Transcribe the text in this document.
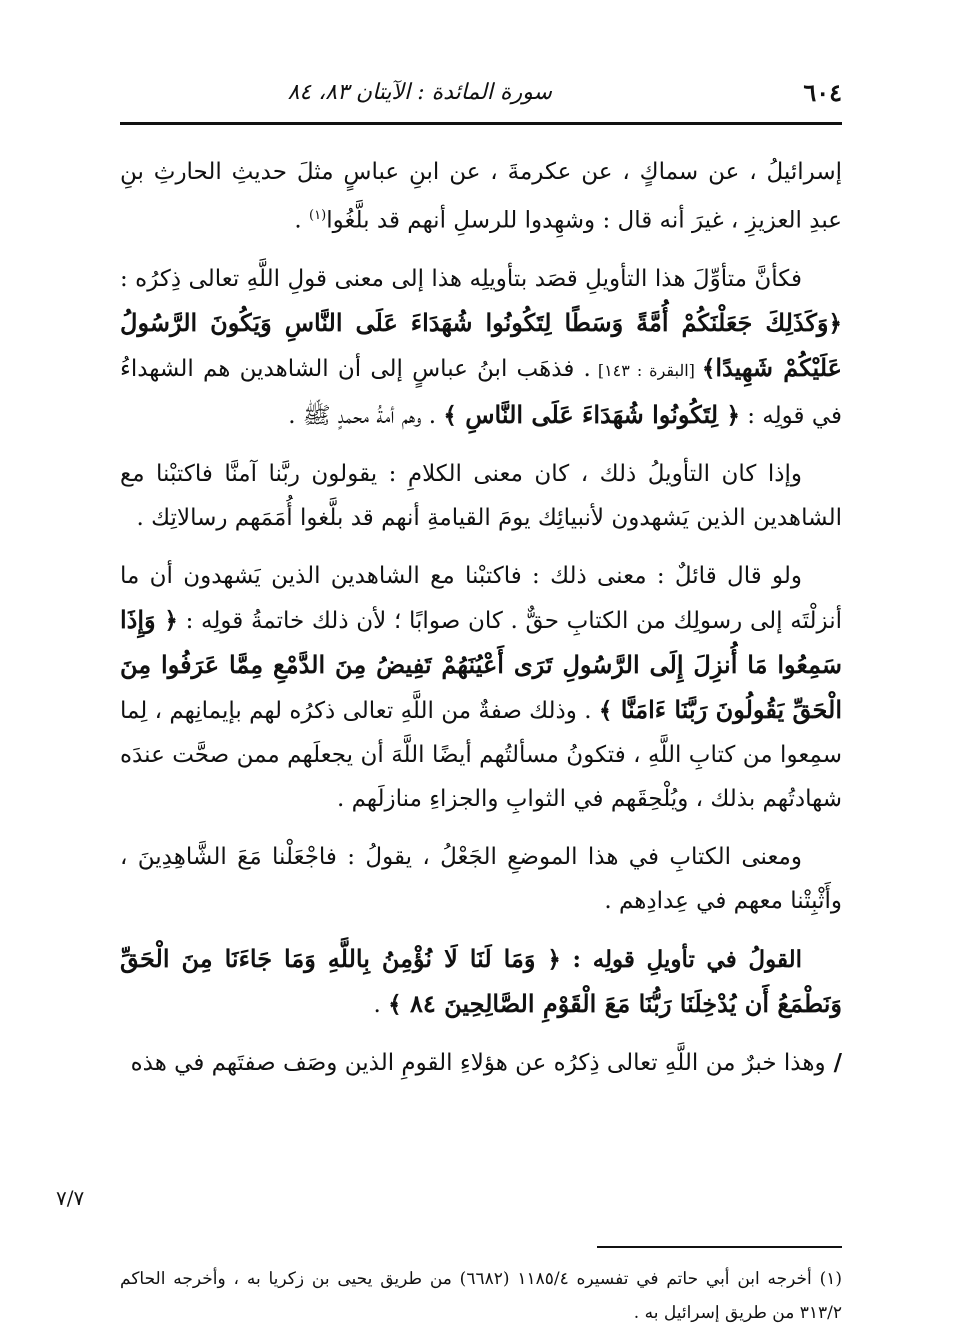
٦٠٤
سورة المائدة : الآيتان ٨٣، ٨٤

إسرائيلُ ، عن سماكٍ ، عن عكرمةَ ، عن ابنِ عباسٍ مثلَ حديثِ الحارثِ بنِ عبدِ العزيزِ ، غيرَ أنه قال : وشهِدوا للرسلِ أنهم قد بلَّغُوا$^{(١)}$ .

فكأنَّ متأوِّلَ هذا التأويلِ قصَد بتأويلِه هذا إلى معنى قولِ اللَّهِ تعالى ذِكرُه : ﴿وَكَذَلِكَ جَعَلْنَكُمْ أُمَّةً وَسَطًا لِتَكُونُوا شُهَدَاءَ عَلَى النَّاسِ وَيَكُونَ الرَّسُولُ عَلَيْكُمْ شَهِيدًا﴾ [البقرة : ١٤٣] . فذهَب ابنُ عباسٍ إلى أن الشاهدين هم الشهداءُ في قولِه : ﴿ لِتَكُونُوا شُهَدَاءَ عَلَى النَّاسِ ﴾ . وهم أمةُ محمدٍ ﷺ .

وإذا كان التأويلُ ذلك ، كان معنى الكلامِ : يقولون ربَّنا آمنَّا فاكتبْنا مع الشاهدين الذين يَشهدون لأنبيائِك يومَ القيامةِ أنهم قد بلَّغوا أُمَمَهم رسالاتِك .

ولو قال قائلٌ : معنى ذلك : فاكتبْنا مع الشاهدين الذين يَشهدون أن ما أنزلْتَه إلى رسولِك من الكتابِ حقٌّ . كان صوابًا ؛ لأن ذلك خاتمةُ قولِه : ﴿ وَإِذَا سَمِعُوا مَا أُنزِلَ إِلَى الرَّسُولِ تَرَى أَعْيُنَهُمْ تَفِيضُ مِنَ الدَّمْعِ مِمَّا عَرَفُوا مِنَ الْحَقِّ يَقُولُونَ رَبَّنَا ءَامَنَّا ﴾ . وذلك صفةٌ من اللَّهِ تعالى ذكرُه لهم بإيمانِهم ، لِما سمِعوا من كتابِ اللَّهِ ، فتكونُ مسألتُهم أيضًا اللَّهَ أن يجعلَهم ممن صحَّت عندَه شهادتُهم بذلك ، ويُلْحِقَهم في الثوابِ والجزاءِ منازلَهم .

ومعنى الكتابِ في هذا الموضعِ الجَعْلُ ، يقولُ : فاجْعَلْنا مَعَ الشَّاهِدِينَ ، وأَثْبِتْنا معهم في عِدادِهم .

القولُ في تأويلِ قولِه : ﴿ وَمَا لَنَا لَا نُؤْمِنُ بِاللَّهِ وَمَا جَاءَنَا مِنَ الْحَقِّ وَنَطْمَعُ أَن يُدْخِلَنَا رَبُّنَا مَعَ الْقَوْمِ الصَّالِحِينَ ٨٤ ﴾ .

/ وهذا خبرٌ من اللَّهِ تعالى ذِكرُه عن هؤلاءِ القومِ الذين وصَف صفتَهم في هذه

٧/٧

(١) أخرجه ابن أبي حاتم في تفسيره ١١٨٥/٤ (٦٦٨٢) من طريق يحيى بن زكريا به ، وأخرجه الحاكم ٣١٣/٢ من طريق إسرائيل به .
